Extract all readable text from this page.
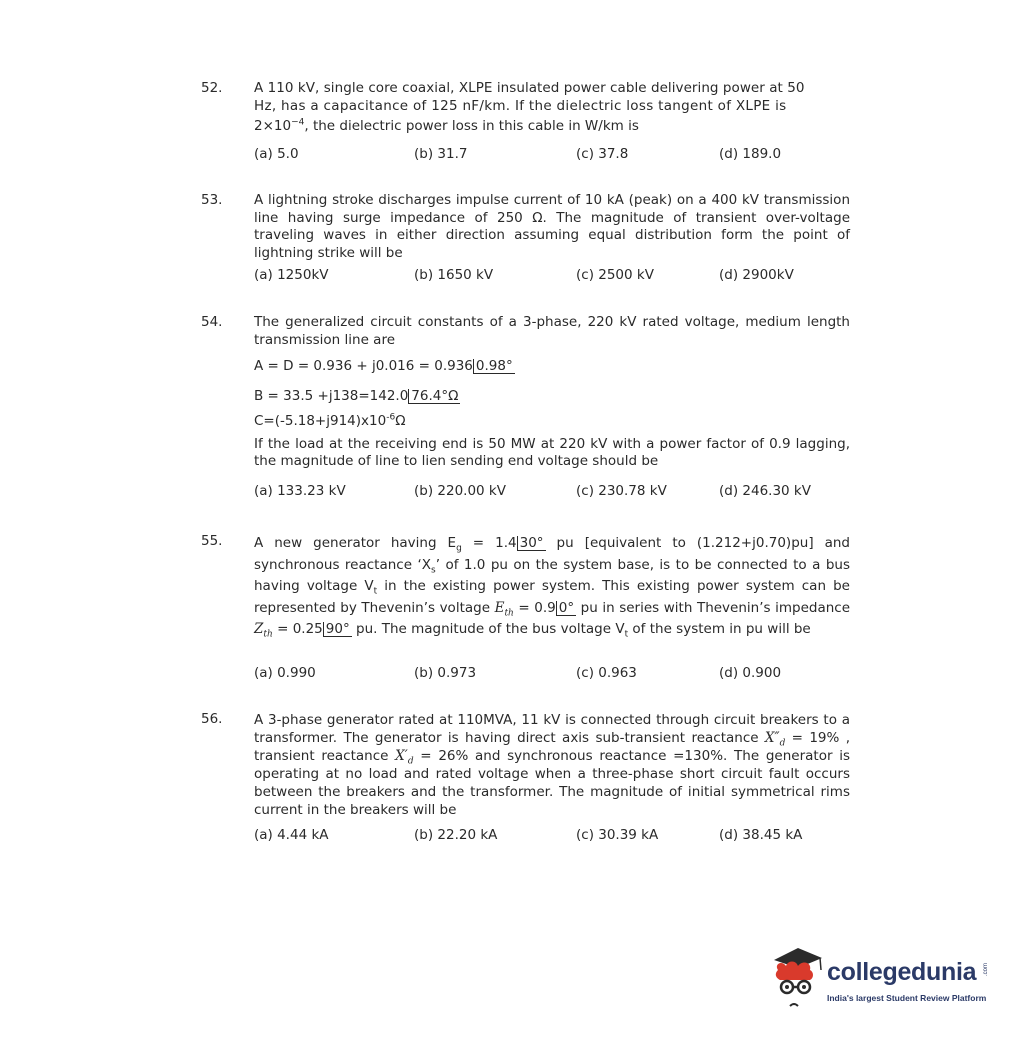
52. A 110 kV, single core coaxial, XLPE insulated power cable delivering power at 50

Hz, has a capacitance of 125 nF/km. If the dielectric loss tangent of XLPE is

$2\times 10^{-4}$, the dielectric power loss in this cable in W/km is

(a) 5.0	(b) 31.7	(c) 37.8	(d) 189.0
53. A lightning stroke discharges impulse current of 10 kA (peak) on a 400 kV transmission line having surge impedance of 250 Ω. The magnitude of transient over-voltage traveling waves in either direction assuming equal distribution form the point of lightning strike will be

(a) 1250kV	(b) 1650 kV	(c) 2500 kV	(d) 2900kV
54. The generalized circuit constants of a 3-phase, 220 kV rated voltage, medium length transmission line are

A = D = 0.936 + j0.016 = 0.936 0.98°

B = 33.5 +j138=142.0 76.4°Ω

$C=(-5.18+j914)x10^{-6}\Omega$

If the load at the receiving end is 50 MW at 220 kV with a power factor of 0.9 lagging, the magnitude of line to lien sending end voltage should be

(a) 133.23 kV	(b) 220.00 kV	(c) 230.78 kV	(d) 246.30 kV
55. A new generator having $E_g = 1.4$ 30° pu [equivalent to (1.212+j0.70)pu] and synchronous reactance ‘$X_s$’ of 1.0 pu on the system base, is to be connected to a bus having voltage $V_t$ in the existing power system. This existing power system can be represented by Thevenin’s voltage $E_{th} = 0.9$ 0° pu in series with Thevenin’s impedance $Z_{th} = 0.25$ 90° pu. The magnitude of the bus voltage $V_t$ of the system in pu will be

(a) 0.990	(b) 0.973	(c) 0.963	(d) 0.900
56. A 3-phase generator rated at 110MVA, 11 kV is connected through circuit breakers to a transformer. The generator is having direct axis sub-transient reactance $X''_d = 19\%$ , transient reactance $X'_d = 26\%$ and synchronous reactance =130%. The generator is operating at no load and rated voltage when a three-phase short circuit fault occurs between the breakers and the transformer. The magnitude of initial symmetrical rims current in the breakers will be

(a) 4.44 kA	(b) 22.20 kA	(c) 30.39 kA	(d) 38.45 kA
collegedunia .com
India's largest Student Review Platform
